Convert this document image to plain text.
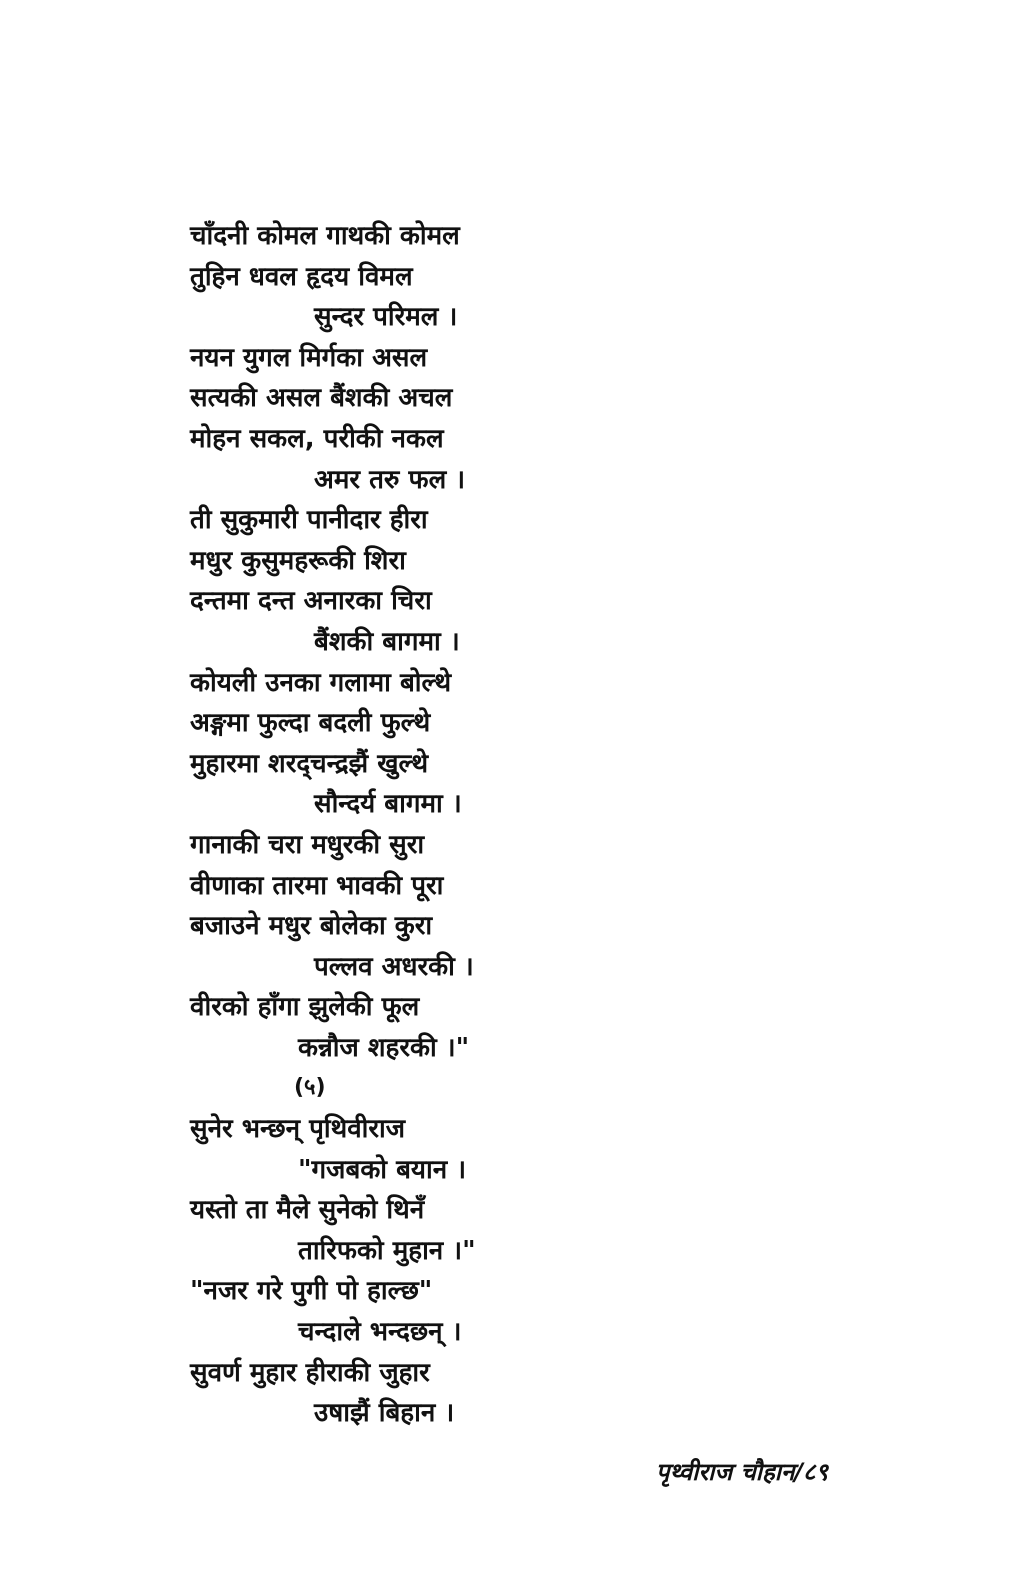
चाँदनी कोमल गाथकी कोमल
तुहिन धवल हृदय विमल
सुन्दर परिमल ।
नयन युगल मिर्गका असल
सत्यकी असल बैंशकी अचल
मोहन सकल, परीकी नकल
अमर तरु फल ।
ती सुकुमारी पानीदार हीरा
मधुर कुसुमहरूकी शिरा
दन्तमा दन्त अनारका चिरा
बैंशकी बागमा ।
कोयली उनका गलामा बोल्थे
अङ्गमा फुल्दा बदली फुल्थे
मुहारमा शरद्चन्द्रझैं खुल्थे
सौन्दर्य बागमा ।
गानाकी चरा मधुरकी सुरा
वीणाका तारमा भावकी पूरा
बजाउने मधुर बोलेका कुरा
पल्लव अधरकी ।
वीरको हाँगा झुलेकी फूल
कन्नौज शहरकी ।"
(५)
सुनेर भन्छन् पृथिवीराज
"गजबको बयान ।
यस्तो ता मैले सुनेको थिनँ
तारिफको मुहान ।"
"नजर गरे पुगी पो हाल्छ"
चन्दाले भन्दछन् ।
सुवर्ण मुहार हीराकी जुहार
उषाझैं बिहान ।
पृथ्वीराज चौहान/८९
